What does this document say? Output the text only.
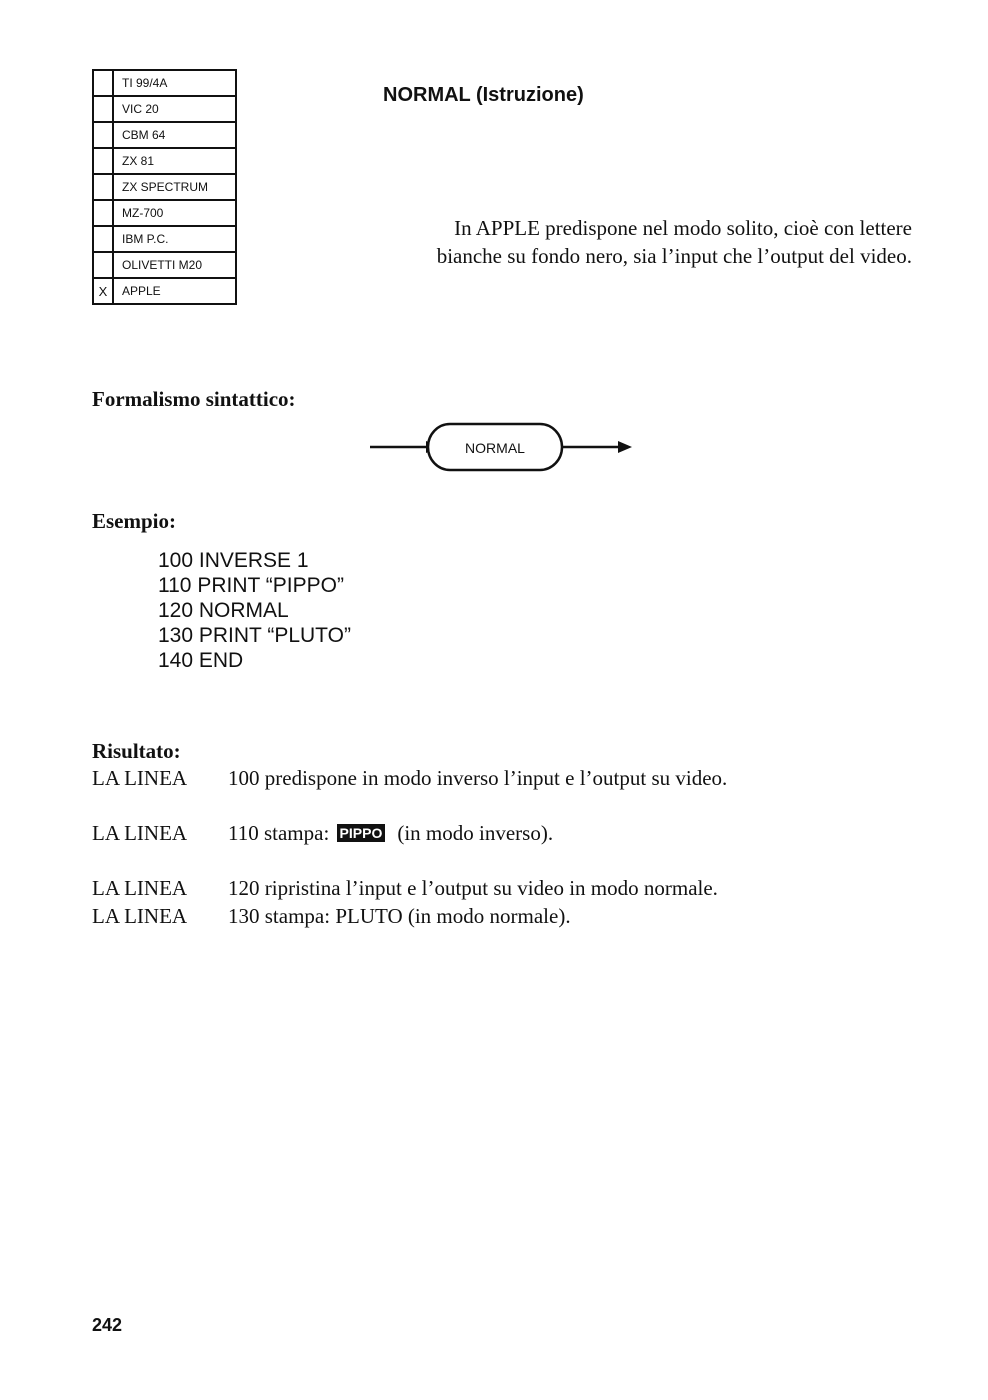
	TI 99/4A
	VIC 20
	CBM 64
	ZX 81
	ZX SPECTRUM
	MZ-700
	IBM P.C.
	OLIVETTI M20
X	APPLE
NORMAL (Istruzione)
In APPLE predispone nel modo solito, cioè con lettere
bianche su fondo nero, sia l’input che l’output del video.
Formalismo sintattico:
NORMAL
Esempio:
100 INVERSE 1
110 PRINT “PIPPO”
120 NORMAL
130 PRINT “PLUTO”
140 END
Risultato:
LA LINEA 100 predispone in modo inverso l’input e l’output su video.
LA LINEA 110 stampa: PIPPO (in modo inverso).
LA LINEA 120 ripristina l’input e l’output su video in modo normale.
LA LINEA 130 stampa: PLUTO (in modo normale).
242
